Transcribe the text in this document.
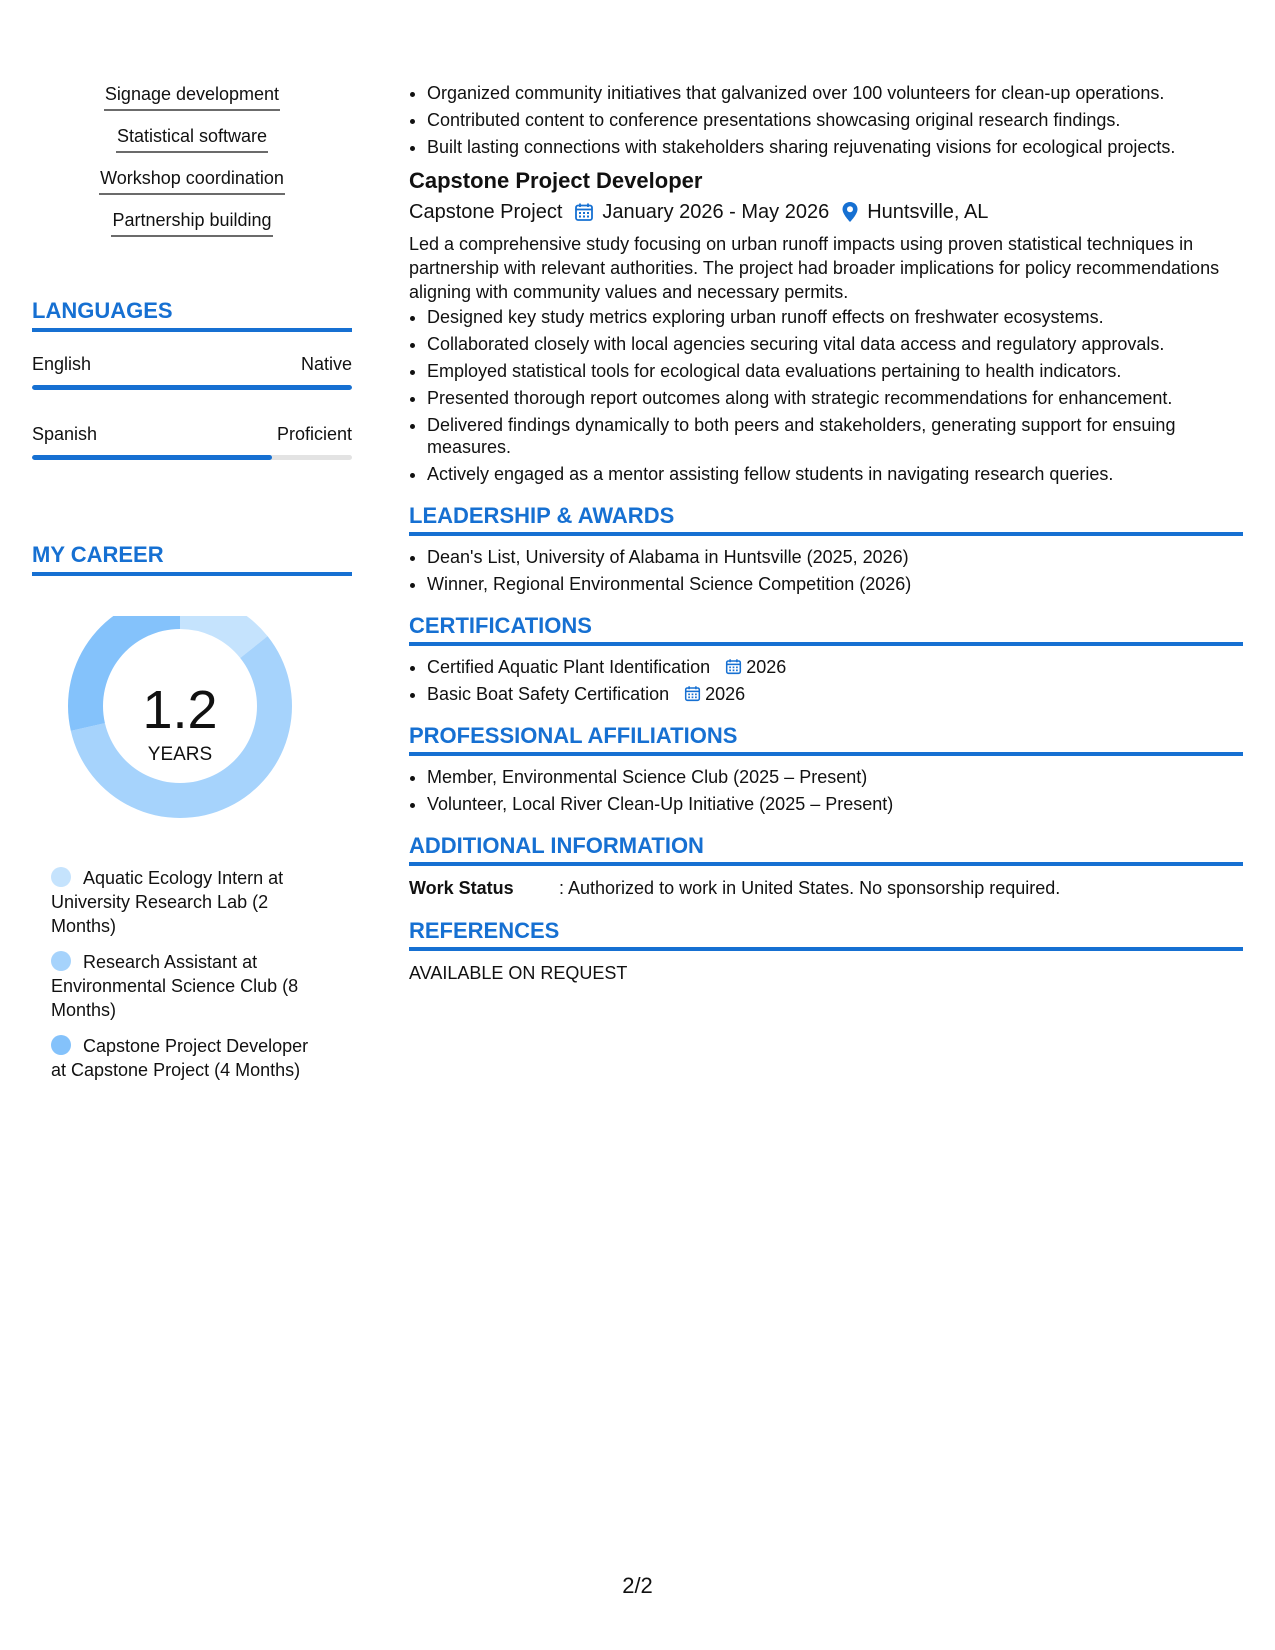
Signage development
Statistical software
Workshop coordination
Partnership building
LANGUAGES
English	Native
Spanish	Proficient
MY CAREER
1.2
YEARS
Aquatic Ecology Intern at University Research Lab (2 Months)
Research Assistant at Environmental Science Club (8 Months)
Capstone Project Developer at Capstone Project (4 Months)
• Organized community initiatives that galvanized over 100 volunteers for clean-up operations.
• Contributed content to conference presentations showcasing original research findings.
• Built lasting connections with stakeholders sharing rejuvenating visions for ecological projects.
Capstone Project Developer
Capstone Project January 2026 - May 2026 Huntsville, AL
Led a comprehensive study focusing on urban runoff impacts using proven statistical techniques in partnership with relevant authorities. The project had broader implications for policy recommendations aligning with community values and necessary permits.
• Designed key study metrics exploring urban runoff effects on freshwater ecosystems.
• Collaborated closely with local agencies securing vital data access and regulatory approvals.
• Employed statistical tools for ecological data evaluations pertaining to health indicators.
• Presented thorough report outcomes along with strategic recommendations for enhancement.
• Delivered findings dynamically to both peers and stakeholders, generating support for ensuing measures.
• Actively engaged as a mentor assisting fellow students in navigating research queries.
LEADERSHIP & AWARDS
• Dean's List, University of Alabama in Huntsville (2025, 2026)
• Winner, Regional Environmental Science Competition (2026)
CERTIFICATIONS
• Certified Aquatic Plant Identification 2026
• Basic Boat Safety Certification 2026
PROFESSIONAL AFFILIATIONS
• Member, Environmental Science Club (2025 – Present)
• Volunteer, Local River Clean-Up Initiative (2025 – Present)
ADDITIONAL INFORMATION
Work Status	: Authorized to work in United States. No sponsorship required.
REFERENCES
AVAILABLE ON REQUEST
2/2
